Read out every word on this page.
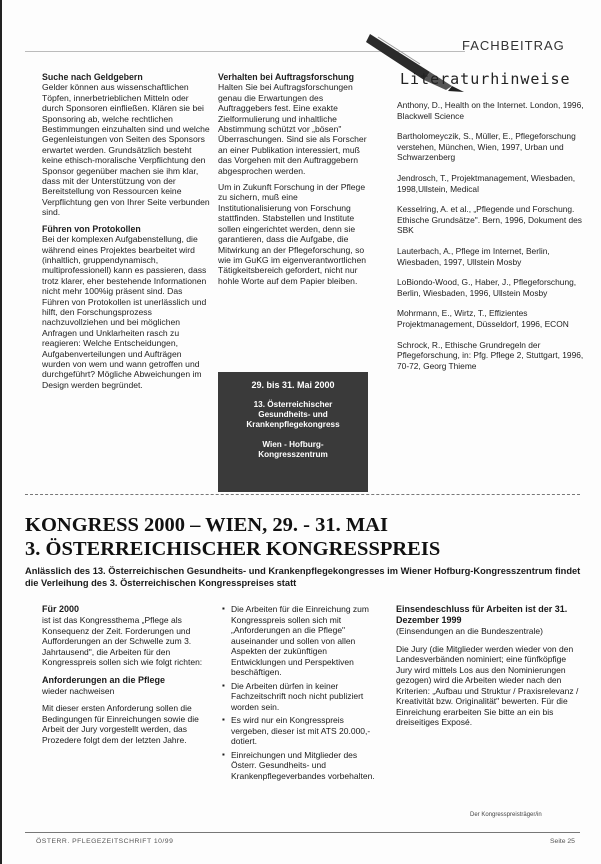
FACHBEITRAG
Literaturhinweise
Suche nach Geldgebern

Gelder können aus wissenschaftlichen Töpfen, innerbetrieblichen Mitteln oder durch Sponsoren einfließen. Klären sie bei Sponsoring ab, welche rechtlichen Bestimmungen einzuhalten sind und welche Gegenleistungen von Seiten des Sponsors erwartet werden. Grundsätzlich besteht keine ethisch-moralische Verpflichtung den Sponsor gegenüber machen sie ihm klar, dass mit der Unterstützung von der Bereitstellung von Ressourcen keine Verpflichtung gen von Ihrer Seite verbunden sind.

Führen von Protokollen

Bei der komplexen Aufgabenstellung, die während eines Projektes bearbeitet wird (inhaltlich, gruppendynamisch, multiprofessionell) kann es passieren, dass trotz klarer, eher bestehende Informationen nicht mehr 100%ig präsent sind. Das Führen von Protokollen ist unerlässlich und hilft, den Forschungsprozess nachzuvollziehen und bei möglichen Anfragen und Unklarheiten rasch zu reagieren: Welche Entscheidungen, Aufgabenverteilungen und Aufträgen wurden von wem und wann getroffen und durchgeführt? Mögliche Abweichungen im Design werden begründet.

Verhalten bei Auftragsforschung

Halten Sie bei Auftragsforschungen genau die Erwartungen des Auftraggebers fest. Eine exakte Zielformulierung und inhaltliche Abstimmung schützt vor „bösen" Überraschungen. Sind sie als Forscher an einer Publikation interessiert, muß das Vorgehen mit den Auftraggebern abgesprochen werden.

Um in Zukunft Forschung in der Pflege zu sichern, muß eine Institutionalisierung von Forschung stattfinden. Stabstellen und Institute sollen eingerichtet werden, denn sie garantieren, dass die Aufgabe, die Mitwirkung an der Pflegeforschung, so wie im GuKG im eigenverantwortlichen Tätigkeitsbereich gefordert, nicht nur hohle Worte auf dem Papier bleiben.

29. bis 31. Mai 2000
13. Österreichischer
Gesundheits- und
Krankenpflegekongress
Wien - Hofburg-
Kongresszentrum

Anthony, D., Health on the Internet. London, 1996, Blackwell Science

Bartholomeyczik, S., Müller, E., Pflegeforschung verstehen, München, Wien, 1997, Urban und Schwarzenberg

Jendrosch, T., Projektmanagement, Wiesbaden, 1998,Ullstein, Medical

Kesselring, A. et al., „Pflegende und Forschung. Ethische Grundsätze". Bern, 1996, Dokument des SBK

Lauterbach, A., Pflege im Internet, Berlin, Wiesbaden, 1997, Ullstein Mosby

LoBiondo-Wood, G., Haber, J., Pflegeforschung, Berlin, Wiesbaden, 1996, Ullstein Mosby

Mohrmann, E., Wirtz, T., Effizientes Projektmanagement, Düsseldorf, 1996, ECON

Schrock, R., Ethische Grundregeln der Pflegeforschung, in: Pfg. Pflege 2, Stuttgart, 1996, 70-72, Georg Thieme

KONGRESS 2000 – WIEN, 29. - 31. MAI
3. ÖSTERREICHISCHER KONGRESSPREIS
Anlässlich des 13. Österreichischen Gesundheits- und Krankenpflegekongresses im Wiener Hofburg-Kongresszentrum findet die Verleihung des 3. Österreichischen Kongresspreises statt
Für 2000

ist ist das Kongressthema „Pflege als Konsequenz der Zeit. Forderungen und Aufforderungen an der Schwelle zum 3. Jahrtausend", die Arbeiten für den Kongresspreis sollen sich wie folgt richten:

Anforderungen an die Pflege

wieder nachweisen

Mit dieser ersten Anforderung sollen die Bedingungen für Einreichungen sowie die Arbeit der Jury vorgestellt werden, das Prozedere folgt dem der letzten Jahre.

▪ Die Arbeiten für die Einreichung zum Kongresspreis sollen sich mit „Anforderungen an die Pflege" auseinander und sollen von allen Aspekten der zukünftigen Entwicklungen und Perspektiven beschäftigen.
▪ Die Arbeiten dürfen in keiner Fachzeitschrift noch nicht publiziert worden sein.
▪ Es wird nur ein Kongresspreis vergeben, dieser ist mit ATS 20.000,- dotiert.
▪ Einreichungen und Mitglieder des Österr. Gesundheits- und Krankenpflegeverbandes vorbehalten.
Einsendeschluss für Arbeiten ist der 31. Dezember 1999

(Einsendungen an die Bundeszentrale)

Die Jury (die Mitglieder werden wieder von den Landesverbänden nominiert; eine fünfköpfige Jury wird mittels Los aus den Nominierungen gezogen) wird die Arbeiten wieder nach den Kriterien: „Aufbau und Struktur / Praxisrelevanz / Kreativität bzw. Originalität" bewerten. Für die Einreichung erarbeiten Sie bitte an ein bis dreiseitiges Exposé.

Der Kongresspreisträger/in
ÖSTERR. PFLEGEZEITSCHRIFT 10/99	Seite 25
